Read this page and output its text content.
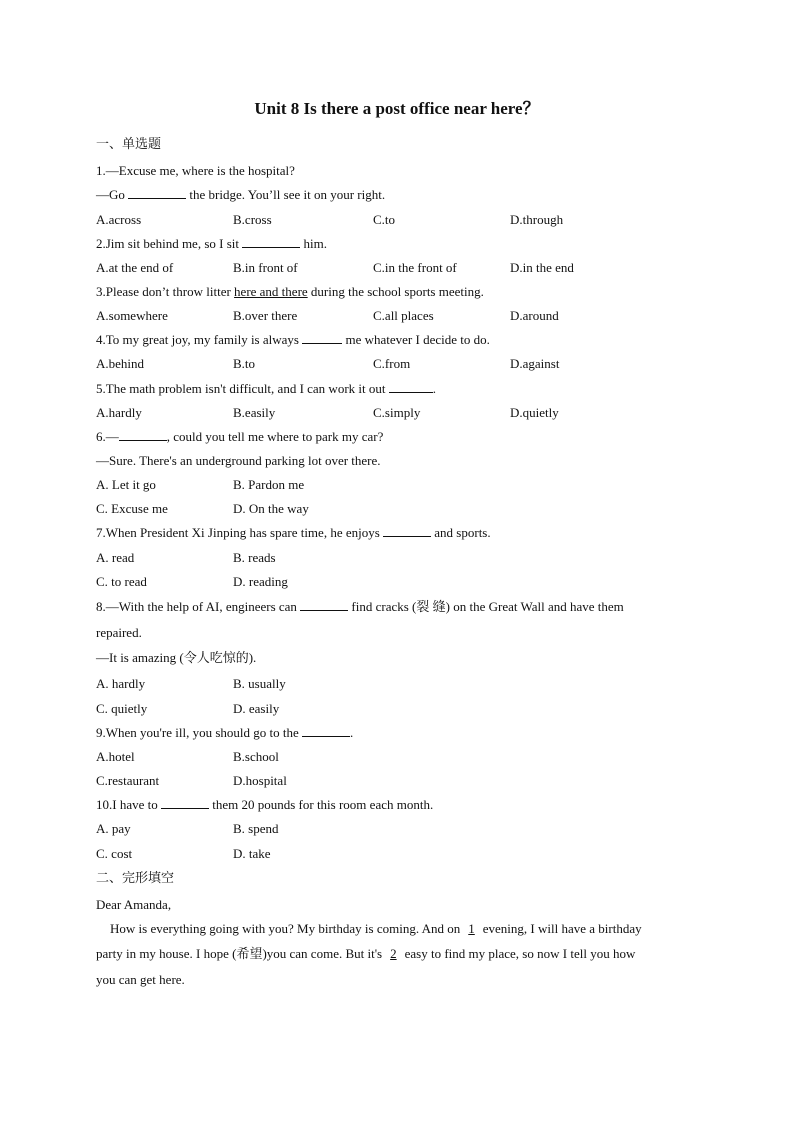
Unit 8 Is there a post office near here？
一、单选题
1.—Excuse me, where is the hospital?
—Go	the bridge. You’ll see it on your right.
A.across	B.cross	C.to	D.through
2.Jim sit behind me, so I sit	him.
A.at the end of	B.in front of	C.in the front of	D.in the end
3.Please don’t throw litter here and there during the school sports meeting.
A.somewhere	B.over there	C.all places	D.around
4.To my great joy, my family is always	me whatever I decide to do.
A.behind	B.to	C.from	D.against
5.The math problem isn't difficult, and I can work it out	.
A.hardly	B.easily	C.simply	D.quietly
6.—	, could you tell me where to park my car?
—Sure. There's an underground parking lot over there.
A. Let it go	B. Pardon me
C. Excuse me	D. On the way
7.When President Xi Jinping has spare time, he enjoys	and sports.
A. read	B. reads
C. to read	D. reading
8.—With the help of AI, engineers can	find cracks (裂 缝) on the Great Wall and have them
repaired.
—It is amazing (令人吃惊的).
A. hardly	B. usually
C. quietly	D. easily
9.When you're ill, you should go to the	.
A.hotel	B.school
C.restaurant	D.hospital
10.I have to	them 20 pounds for this room each month.
A. pay	B. spend
C. cost	D. take
二、完形填空
Dear Amanda,
How is everything going with you? My birthday is coming. And on 1 evening, I will have a birthday
party in my house. I hope (希望)you can come. But it's 2 easy to find my place, so now I tell you how
you can get here.
